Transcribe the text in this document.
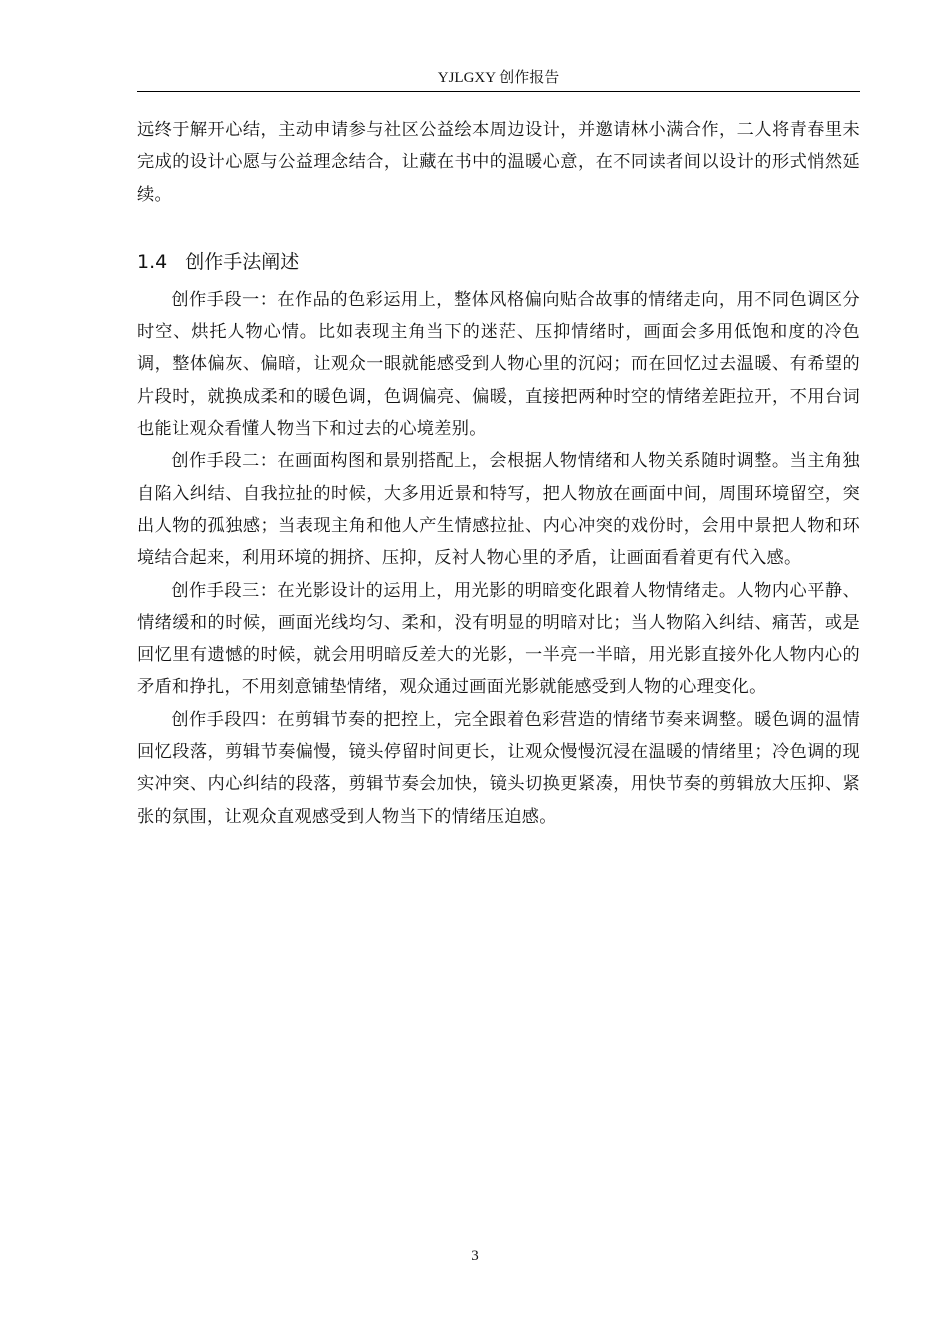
YJLGXY 创作报告

远终于解开心结，主动申请参与社区公益绘本周边设计，并邀请林小满合作，二人将青春里未完成的设计心愿与公益理念结合，让藏在书中的温暖心意，在不同读者间以设计的形式悄然延续。

1.4 创作手法阐述

创作手段一：在作品的色彩运用上，整体风格偏向贴合故事的情绪走向，用不同色调区分时空、烘托人物心情。比如表现主角当下的迷茫、压抑情绪时，画面会多用低饱和度的冷色调，整体偏灰、偏暗，让观众一眼就能感受到人物心里的沉闷；而在回忆过去温暖、有希望的片段时，就换成柔和的暖色调，色调偏亮、偏暖，直接把两种时空的情绪差距拉开，不用台词也能让观众看懂人物当下和过去的心境差别。

创作手段二：在画面构图和景别搭配上，会根据人物情绪和人物关系随时调整。当主角独自陷入纠结、自我拉扯的时候，大多用近景和特写，把人物放在画面中间，周围环境留空，突出人物的孤独感；当表现主角和他人产生情感拉扯、内心冲突的戏份时，会用中景把人物和环境结合起来，利用环境的拥挤、压抑，反衬人物心里的矛盾，让画面看着更有代入感。

创作手段三：在光影设计的运用上，用光影的明暗变化跟着人物情绪走。人物内心平静、情绪缓和的时候，画面光线均匀、柔和，没有明显的明暗对比；当人物陷入纠结、痛苦，或是回忆里有遗憾的时候，就会用明暗反差大的光影，一半亮一半暗，用光影直接外化人物内心的矛盾和挣扎，不用刻意铺垫情绪，观众通过画面光影就能感受到人物的心理变化。

创作手段四：在剪辑节奏的把控上，完全跟着色彩营造的情绪节奏来调整。暖色调的温情回忆段落，剪辑节奏偏慢，镜头停留时间更长，让观众慢慢沉浸在温暖的情绪里；冷色调的现实冲突、内心纠结的段落，剪辑节奏会加快，镜头切换更紧凑，用快节奏的剪辑放大压抑、紧张的氛围，让观众直观感受到人物当下的情绪压迫感。

3
